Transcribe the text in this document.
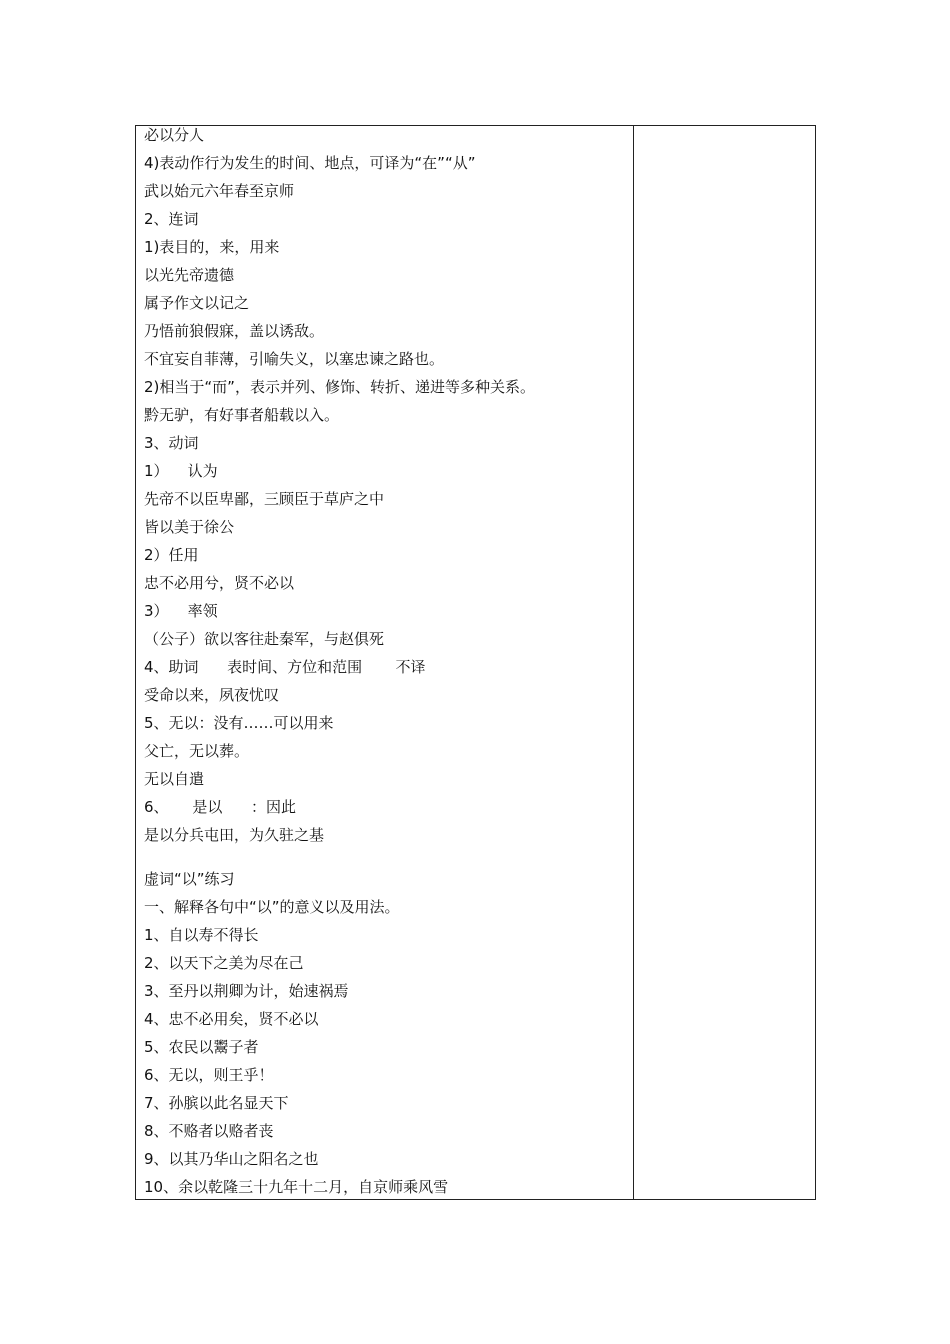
必以分人
4)表动作行为发生的时间、地点，可译为“在”“从”
武以始元六年春至京师
2、连词
1)表目的，来，用来
以光先帝遗德
属予作文以记之
乃悟前狼假寐，盖以诱敌。
不宜妄自菲薄，引喻失义，以塞忠谏之路也。
2)相当于“而”，表示并列、修饰、转折、递进等多种关系。
黔无驴，有好事者船载以入。
3、动词
1）    认为
先帝不以臣卑鄙，三顾臣于草庐之中
皆以美于徐公
2）任用
忠不必用兮，贤不必以
3）    率领
（公子）欲以客往赴秦军，与赵俱死
4、助词      表时间、方位和范围       不译
受命以来，夙夜忧叹
5、无以：没有……可以用来
父亡，无以葬。
无以自遣
6、     是以      ：因此
是以分兵屯田，为久驻之基
虚词“以”练习
一、解释各句中“以”的意义以及用法。
1、自以寿不得长
2、以天下之美为尽在己
3、至丹以荆卿为计，始速祸焉
4、忠不必用矣，贤不必以
5、农民以鬻子者
6、无以，则王乎！
7、孙膑以此名显天下
8、不赂者以赂者丧
9、以其乃华山之阳名之也
10、余以乾隆三十九年十二月，自京师乘风雪
